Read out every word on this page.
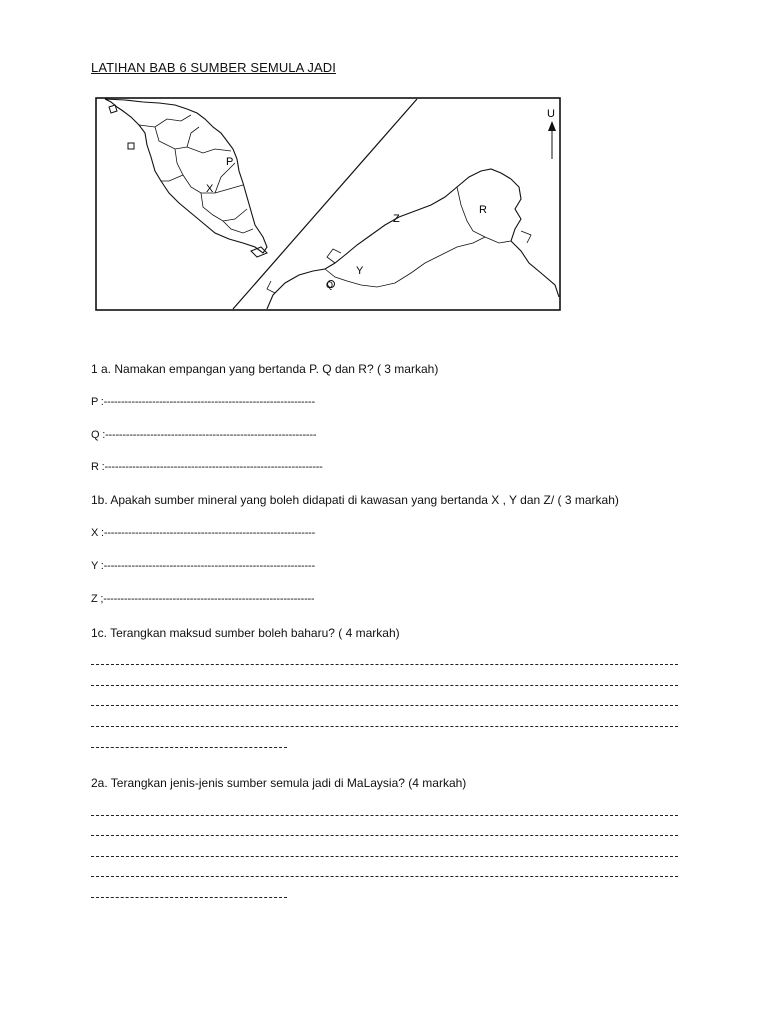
LATIHAN BAB 6 SUMBER SEMULA JADI
U
P
X
Z
R
Y
Q
1 a. Namakan empangan yang bertanda P. Q dan R? ( 3 markah)
P :-------------------------------------------------------------
Q :-------------------------------------------------------------
R :---------------------------------------------------------------
1b. Apakah sumber mineral yang boleh didapati di kawasan yang bertanda X , Y dan Z/ ( 3 markah)
X :-------------------------------------------------------------
Y :-------------------------------------------------------------
Z ;-------------------------------------------------------------
1c. Terangkan maksud sumber boleh baharu? ( 4 markah)
2a. Terangkan jenis-jenis sumber semula jadi di MaLaysia? (4 markah)
